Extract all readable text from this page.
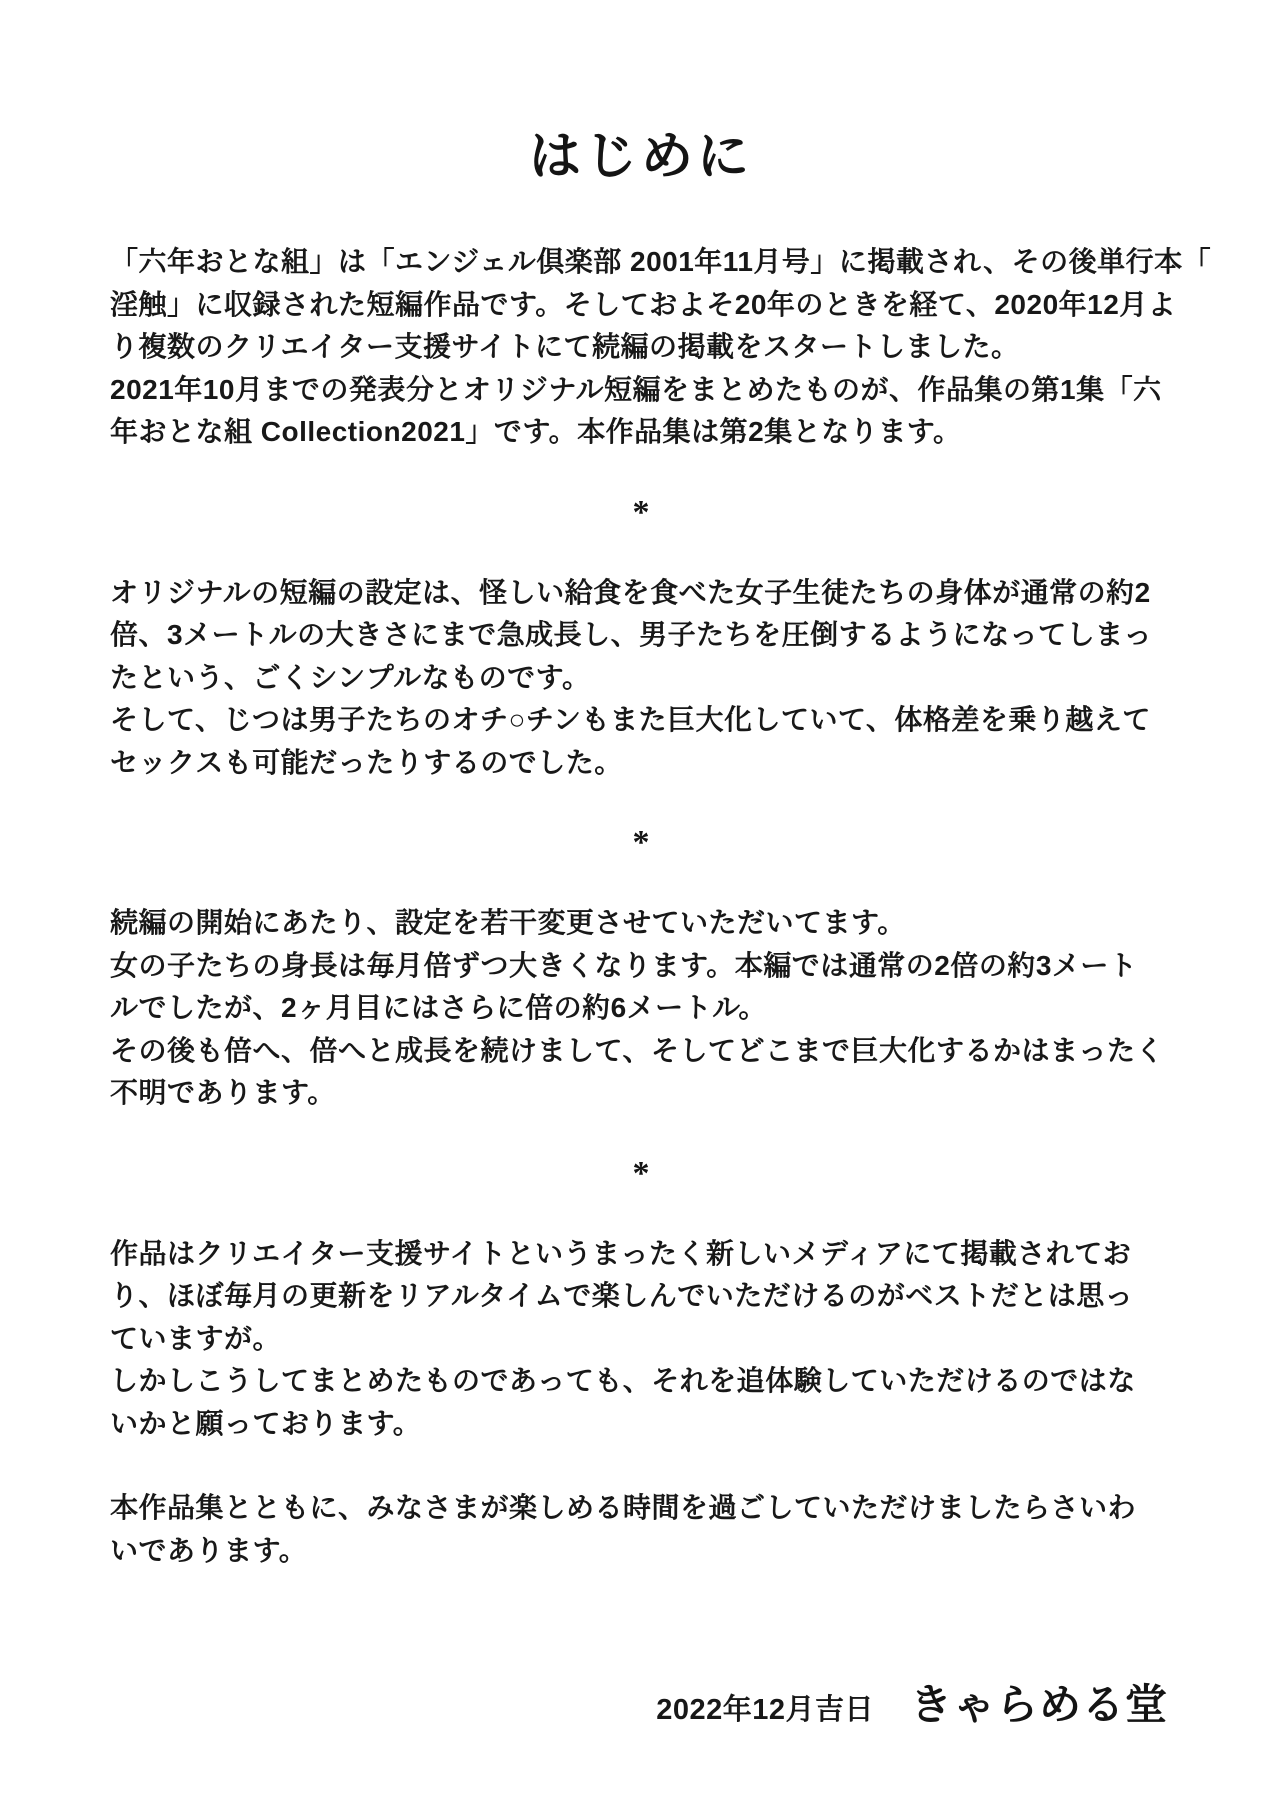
はじめに
「六年おとな組」は「エンジェル倶楽部 2001年11月号」に掲載され、その後単行本「
淫触」に収録された短編作品です。そしておよそ20年のときを経て、2020年12月よ
り複数のクリエイター支援サイトにて続編の掲載をスタートしました。
2021年10月までの発表分とオリジナル短編をまとめたものが、作品集の第1集「六
年おとな組 Collection2021」です。本作品集は第2集となります。
*
オリジナルの短編の設定は、怪しい給食を食べた女子生徒たちの身体が通常の約2
倍、3メートルの大きさにまで急成長し、男子たちを圧倒するようになってしまっ
たという、ごくシンプルなものです。
そして、じつは男子たちのオチ○チンもまた巨大化していて、体格差を乗り越えて
セックスも可能だったりするのでした。
*
続編の開始にあたり、設定を若干変更させていただいてます。
女の子たちの身長は毎月倍ずつ大きくなります。本編では通常の2倍の約3メート
ルでしたが、2ヶ月目にはさらに倍の約6メートル。
その後も倍へ、倍へと成長を続けまして、そしてどこまで巨大化するかはまったく
不明であります。
*
作品はクリエイター支援サイトというまったく新しいメディアにて掲載されてお
り、ほぼ毎月の更新をリアルタイムで楽しんでいただけるのがベストだとは思っ
ていますが。
しかしこうしてまとめたものであっても、それを追体験していただけるのではな
いかと願っております。
本作品集とともに、みなさまが楽しめる時間を過ごしていただけましたらさいわ
いであります。
2022年12月吉日 きゃらめる堂
